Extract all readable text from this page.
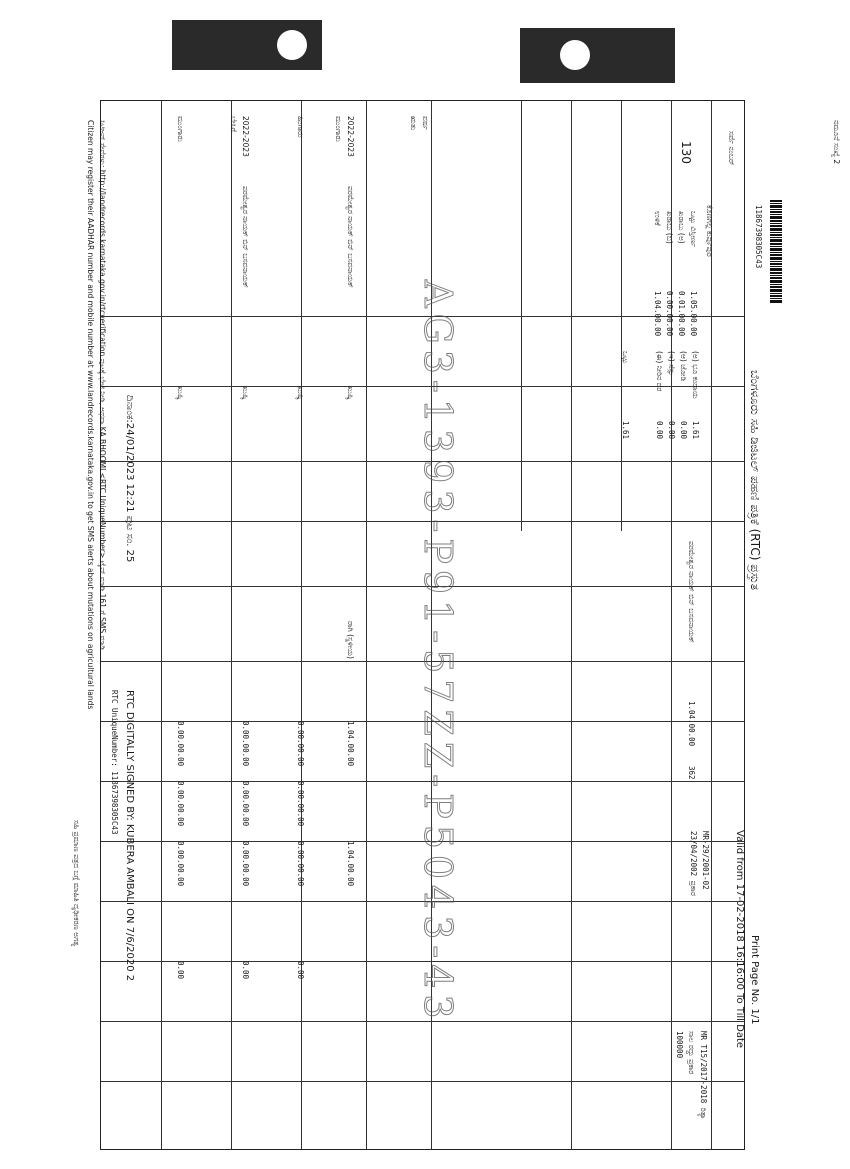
11867398305C43
ಬೆಂಗಳೂರು ಸಹಿ ಡಿಜಿಟಲ್ ಪಹಣಿ ಪತ್ರಿಕೆ (RTC) ಪ್ರಸ್ತುತ
Valid from 17-02-2018 16:16:00 To Till Date Print Page No. 1/1
ನಮೂನೆ ಸಂಖ್ಯೆ 2
ಕೊಣಿಗಲ್ಲಿ ಕುರ್ಪುಪುರ
ಸರ್ವೆ ನಂಬರ್
130
ಒಟ್ಟು ವಿಸ್ತೀರ್ಣ
1.05.00.00
ಖರಾಬು (ಅ)
0.01.00.00
ಖರಾಬು (ಬ)
0.00.00.00
ಉಳಿಕೆ
1.04.00.00
(ಅ) ಭೂ ಕಂದಾಯ
1.61
(ಆ) ಜೋಡಿ
0.00
(ಇ) ಸೆಸ್ಸು
0.00
(ಈ) ನೀರಿನ ದರ
0.00
ಒಟ್ಟು
1.61
ಪರಮೇಶ್ವರ ನಾಯಕ್ ಬಿನ್ ಬಸವನಾಯಕ್
1.04.00.00
362
MR-29/2001-02
23/04/2002 ಪ್ರಕಾರ
MR T15/2017-2018 ರಿತ್ಯಾ
ಸಾಲ ರದ್ದು ಪ್ರಕಾರ
100000
ವರ್ಷ
ಋತು
2022-2023
ಮುಂಗಾರು
ಪರಮೇಶ್ವರ ನಾಯಕ್ ಬಿನ್ ಬಸವನಾಯಕ್
ಖುಷ್ಕಿ
ರಾಗಿ (ಸ್ಥಳೀಯ)
1.04.00.00
1.04.00.00
ಹಿಂಗಾರು
ಖುಷ್ಕಿ
0.00.00.00
0.00.00.00
0.00.00.00
0.00
2022-2023
ಬೇಸಿಗೆ
ಪರಮೇಶ್ವರ ನಾಯಕ್ ಬಿನ್ ಬಸವನಾಯಕ್
ಖುಷ್ಕಿ
0.00.00.00
0.00.00.00
0.00.00.00
0.00
ಮುಂಗಾರು
ಖುಷ್ಕಿ
0.00.00.00
0.00.00.00
0.00.00.00
0.00	AG3-1393-P91-57ZZ-P5043-43
ದಿನಾಂಕ:24/01/2023 12:21 ಪುಟ ಸಂ. 25
RTC DIGITALLY SIGNED BY: KUBERA AMBALI ON 7/6/2020 2
RTC UniqueNumber: 11867398305C43
ಸಿಟಿಜನ್ ಸೇವೆಗಳು: http://landrecords.karnataka.gov.in/rtcverification ಪುಟಕ್ಕೆ ಭೇಟಿ ನೀಡಿ, ಅಥವಾ KA BHOOMI <RTC UniqueNumber> ಟೈಪ್ ಮಾಡಿ 161 ಗೆ SMS ಮಾಡಿ
Citizen may register their AADHAR number and mobile number at www.landrecords.karnataka.gov.in to get SMS alerts about mutations on agricultural lands
ಸಹಿ ಪ್ರಮಾಣ ಪತ್ರದ ಬಗ್ಗೆ ಮಾಹಿತಿ ದೃಢೀಕರಣ ಅಗತ್ಯ
